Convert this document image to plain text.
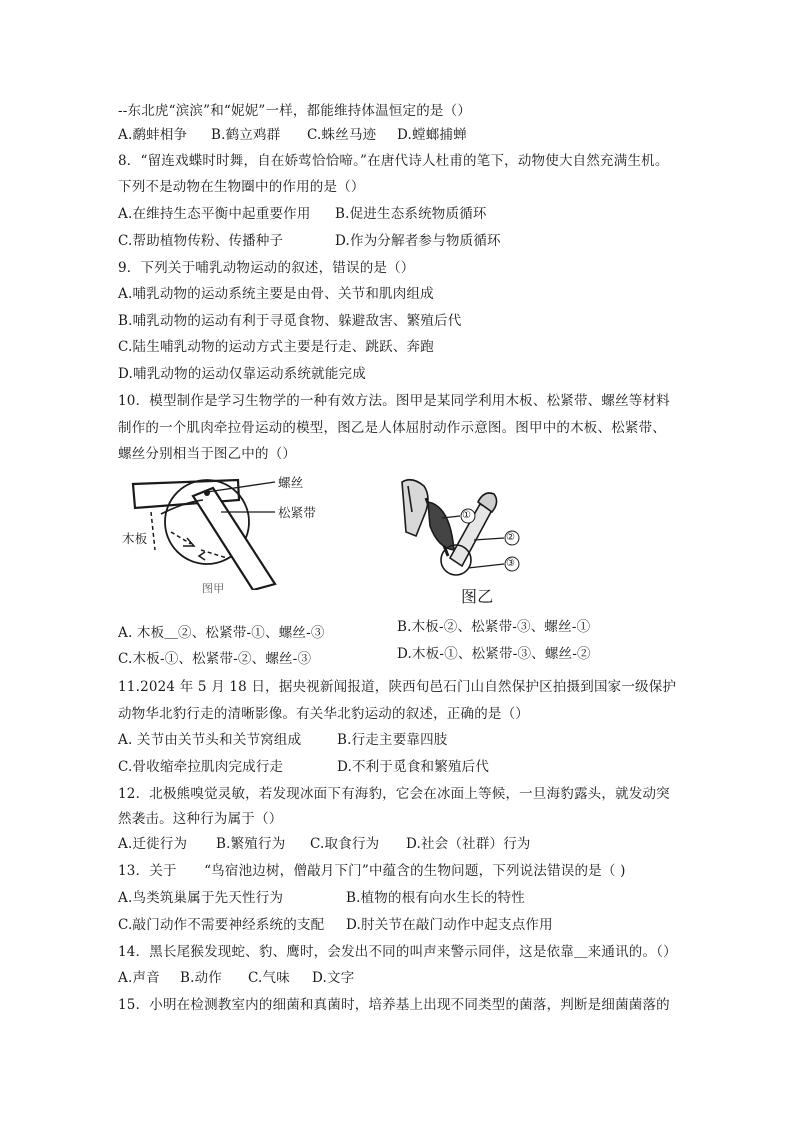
--东北虎“滨滨”和“妮妮”一样，都能维持体温恒定的是（）
A.鹬蚌相争	B.鹤立鸡群	C.蛛丝马迹	D.螳螂捕蝉
8．“留连戏蝶时时舞，自在娇莺恰恰啼。”在唐代诗人杜甫的笔下，动物使大自然充满生机。
下列不是动物在生物圈中的作用的是（）
A.在维持生态平衡中起重要作用	B.促进生态系统物质循环
C.帮助植物传粉、传播种子	D.作为分解者参与物质循环
9．下列关于哺乳动物运动的叙述，错误的是（）
A.哺乳动物的运动系统主要是由骨、关节和肌肉组成
B.哺乳动物的运动有利于寻觅食物、躲避敌害、繁殖后代
C.陆生哺乳动物的运动方式主要是行走、跳跃、奔跑
D.哺乳动物的运动仅靠运动系统就能完成
10．模型制作是学习生物学的一种有效方法。图甲是某同学利用木板、松紧带、螺丝等材料
制作的一个肌肉牵拉骨运动的模型，图乙是人体屈肘动作示意图。图甲中的木板、松紧带、
螺丝分别相当于图乙中的（）
螺丝
松紧带
木板
图甲
①
②
③
图乙
A. 木板＿②、松紧带-①、螺丝-③	B.木板-②、松紧带-③、螺丝-①
C.木板-①、松紧带-②、螺丝-③	D.木板-①、松紧带-③、螺丝-②
11.2024 年 5 月 18 日，据央视新闻报道，陕西旬邑石门山自然保护区拍摄到国家一级保护
动物华北豹行走的清晰影像。有关华北豹运动的叙述，正确的是（）
A. 关节由关节头和关节窝组成	B.行走主要靠四肢
C.骨收缩牵拉肌肉完成行走	D.不利于觅食和繁殖后代
12．北极熊嗅觉灵敏，若发现冰面下有海豹，它会在冰面上等候，一旦海豹露头，就发动突
然袭击。这种行为属于（）
A.迁徙行为	B.繁殖行为	C.取食行为	D.社会（社群）行为
13．关于　　“鸟宿池边树，僧敲月下门”中蕴含的生物问题，下列说法错误的是（ )
A.鸟类筑巢属于先天性行为	B.植物的根有向水生长的特性
C.敲门动作不需要神经系统的支配	D.肘关节在敲门动作中起支点作用
14．黑长尾猴发现蛇、豹、鹰时，会发出不同的叫声来警示同伴，这是依靠＿来通讯的。（）
A.声音	B.动作	C.气味	D.文字
15．小明在检测教室内的细菌和真菌时，培养基上出现不同类型的菌落，判断是细菌菌落的
